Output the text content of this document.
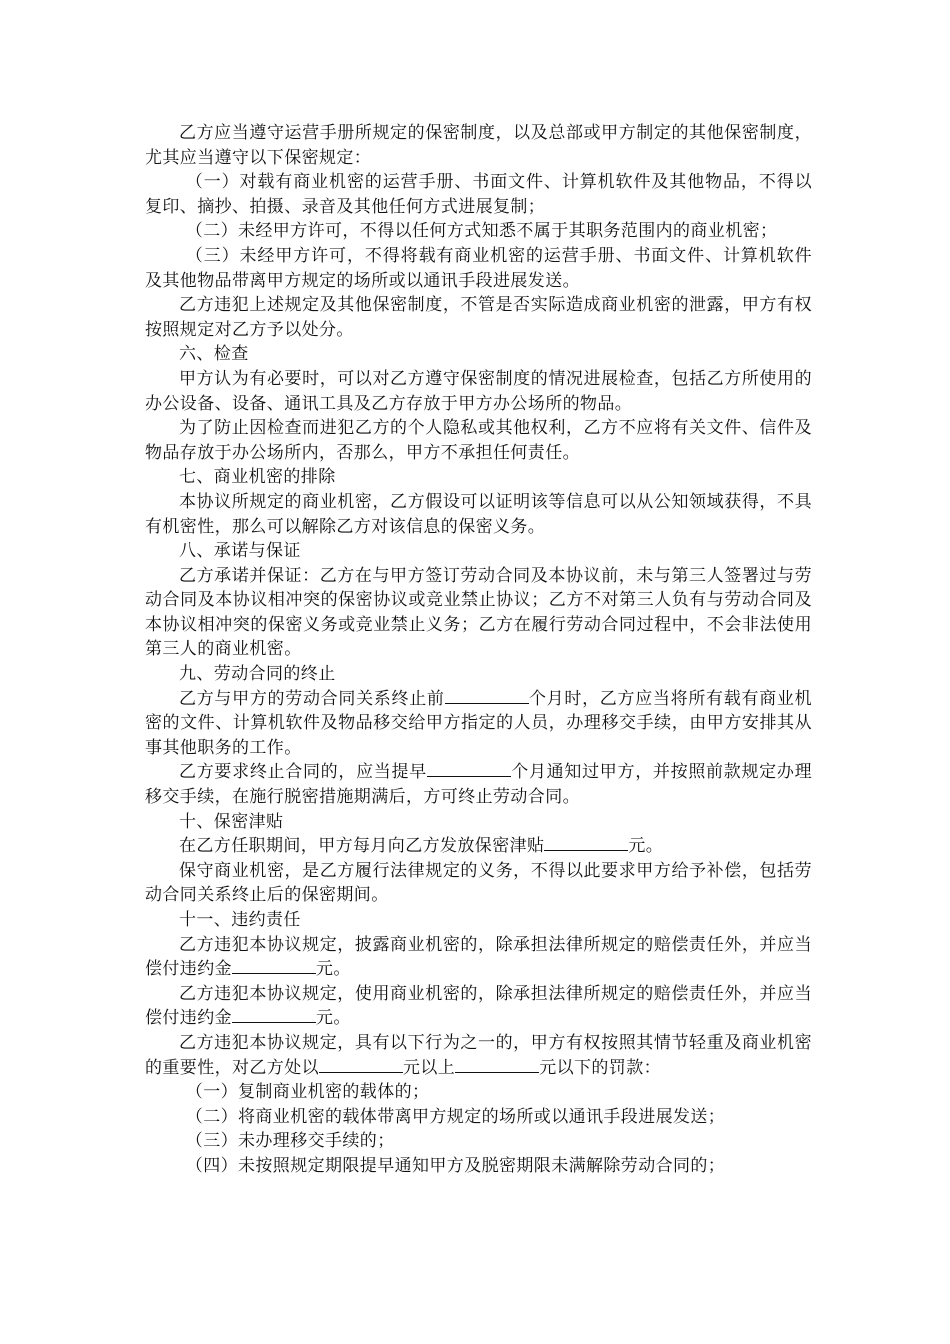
乙方应当遵守运营手册所规定的保密制度，以及总部或甲方制定的其他保密制度，尤其应当遵守以下保密规定：

（一）对载有商业机密的运营手册、书面文件、计算机软件及其他物品，不得以复印、摘抄、拍摄、录音及其他任何方式进展复制；

（二）未经甲方许可，不得以任何方式知悉不属于其职务范围内的商业机密；

（三）未经甲方许可，不得将载有商业机密的运营手册、书面文件、计算机软件及其他物品带离甲方规定的场所或以通讯手段进展发送。

乙方违犯上述规定及其他保密制度，不管是否实际造成商业机密的泄露，甲方有权按照规定对乙方予以处分。

六、检查

甲方认为有必要时，可以对乙方遵守保密制度的情况进展检查，包括乙方所使用的办公设备、设备、通讯工具及乙方存放于甲方办公场所的物品。

为了防止因检查而进犯乙方的个人隐私或其他权利，乙方不应将有关文件、信件及物品存放于办公场所内，否那么，甲方不承担任何责任。

七、商业机密的排除

本协议所规定的商业机密，乙方假设可以证明该等信息可以从公知领域获得，不具有机密性，那么可以解除乙方对该信息的保密义务。

八、承诺与保证

乙方承诺并保证：乙方在与甲方签订劳动合同及本协议前，未与第三人签署过与劳动合同及本协议相冲突的保密协议或竞业禁止协议；乙方不对第三人负有与劳动合同及本协议相冲突的保密义务或竞业禁止义务；乙方在履行劳动合同过程中，不会非法使用第三人的商业机密。

九、劳动合同的终止

乙方与甲方的劳动合同关系终止前	个月时，乙方应当将所有载有商业机密的文件、计算机软件及物品移交给甲方指定的人员，办理移交手续，由甲方安排其从事其他职务的工作。

乙方要求终止合同的，应当提早	个月通知过甲方，并按照前款规定办理移交手续，在施行脱密措施期满后，方可终止劳动合同。

十、保密津贴

在乙方任职期间，甲方每月向乙方发放保密津贴	元。

保守商业机密，是乙方履行法律规定的义务，不得以此要求甲方给予补偿，包括劳动合同关系终止后的保密期间。

十一、违约责任

乙方违犯本协议规定，披露商业机密的，除承担法律所规定的赔偿责任外，并应当偿付违约金	元。

乙方违犯本协议规定，使用商业机密的，除承担法律所规定的赔偿责任外，并应当偿付违约金	元。

乙方违犯本协议规定，具有以下行为之一的，甲方有权按照其情节轻重及商业机密的重要性，对乙方处以	元以上	元以下的罚款：

（一）复制商业机密的载体的；

（二）将商业机密的载体带离甲方规定的场所或以通讯手段进展发送；

（三）未办理移交手续的；

（四）未按照规定期限提早通知甲方及脱密期限未满解除劳动合同的；
